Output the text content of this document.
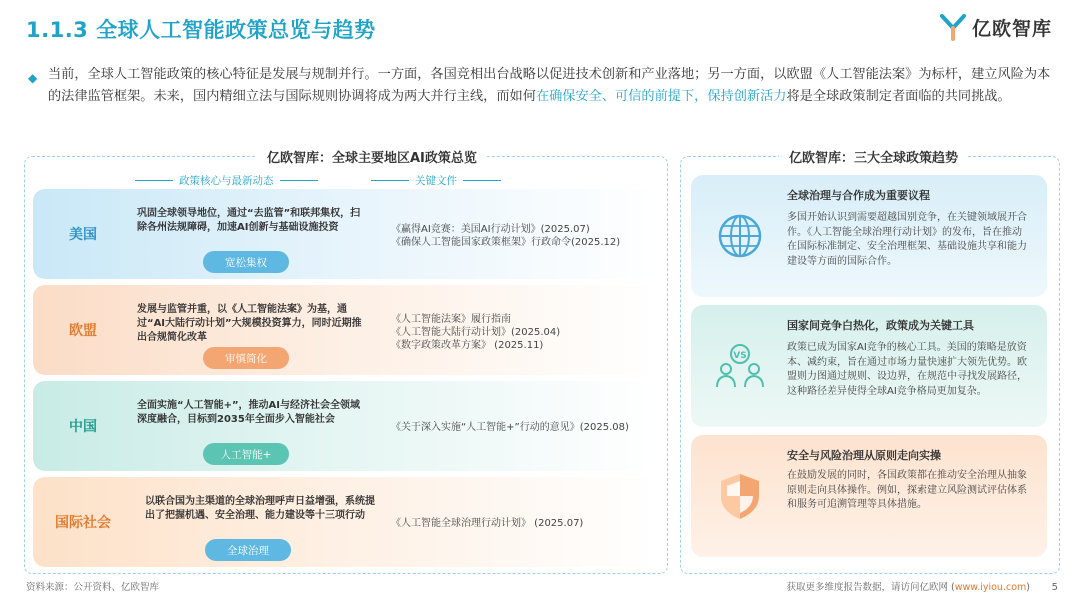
1.1.3 全球人工智能政策总览与趋势	亿欧智库
◆ 当前，全球人工智能政策的核心特征是发展与规制并行。一方面，各国竞相出台战略以促进技术创新和产业落地；另一方面，以欧盟《人工智能法案》为标杆，建立风险为本的法律监管框架。未来，国内精细立法与国际规则协调将成为两大并行主线，而如何在确保安全、可信的前提下，保持创新活力将是全球政策制定者面临的共同挑战。
亿欧智库：全球主要地区AI政策总览
政策核心与最新动态	关键文件
美国
巩固全球领导地位，通过“去监管”和联邦集权，扫除各州法规障碍，加速AI创新与基础设施投资
宽松集权
《赢得AI竞赛：美国AI行动计划》(2025.07)
《确保人工智能国家政策框架》行政命令(2025.12)
欧盟
发展与监管并重，以《人工智能法案》为基，通过“AI大陆行动计划”大规模投资算力，同时近期推出合规简化改革
审慎简化
《人工智能法案》履行指南
《人工智能大陆行动计划》(2025.04)
《数字政策改革方案》 (2025.11)
中国
全面实施“人工智能+”，推动AI与经济社会全领域深度融合，目标到2035年全面步入智能社会
人工智能+
《关于深入实施“人工智能+”行动的意见》(2025.08)
国际社会
以联合国为主渠道的全球治理呼声日益增强，系统提出了把握机遇、安全治理、能力建设等十三项行动
全球治理
《人工智能全球治理行动计划》 (2025.07)
亿欧智库：三大全球政策趋势
全球治理与合作成为重要议程
多国开始认识到需要超越国别竞争，在关键领域展开合作。《人工智能全球治理行动计划》的发布，旨在推动在国际标准制定、安全治理框架、基础设施共享和能力建设等方面的国际合作。
VS
国家间竞争白热化，政策成为关键工具
政策已成为国家AI竞争的核心工具。美国的策略是放资本、减约束，旨在通过市场力量快速扩大领先优势。欧盟则力图通过规则、设边界，在规范中寻找发展路径，这种路径差异使得全球AI竞争格局更加复杂。
安全与风险治理从原则走向实操
在鼓励发展的同时，各国政策都在推动安全治理从抽象原则走向具体操作。例如，探索建立风险测试评估体系和服务可追溯管理等具体措施。
资料来源：公开资料、亿欧智库	获取更多维度报告数据，请访问亿欧网 (www.iyiou.com) 5
